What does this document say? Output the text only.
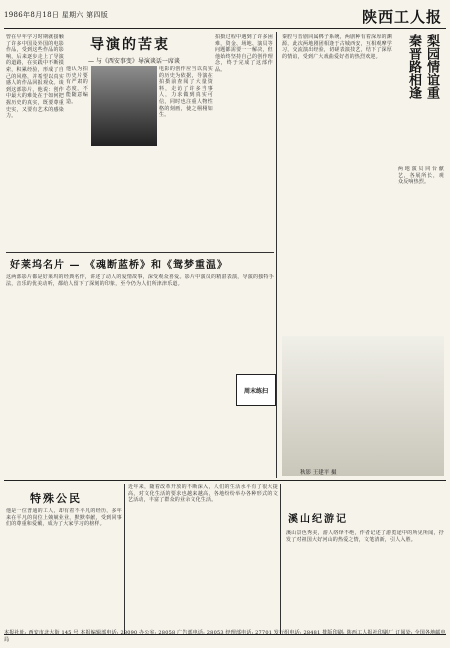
1986年8月18日 星期六 第四版	陕西工人报
导演的苦衷
— 与《西安事变》导演谈话一席谈
曾在早年学习时期就接触了许多中国及外国的电影作品，受到这些作品的影响，后来逐步走上了导演的道路，在实践中不断摸索，积累经验，形成了自己的风格，并希望以真实感人的作品回报观众。谈到这部影片，他说：创作中最大的难处在于如何把握历史的真实，既要尊重史实，又要有艺术的感染力。
他认为拍历史片要有严肃的态度，不能随意编造。
电影的创作应当以真实的历史为依据，导演在拍摄前查阅了大量资料，走访了许多当事人，力求做到真实可信，同时也注重人物性格的刻画，使之栩栩如生。
拍摄过程中遇到了许多困难，资金、场地、演员等问题都需要一一解决，但他始终坚持自己的创作理念，终于完成了这部作品。
好莱坞名片 — 《魂断蓝桥》和《鸳梦重温》
这两部影片都是好莱坞的经典名作，讲述了动人的爱情故事，深受观众喜爱。影片中演员的精湛表演，导演的独特手法，音乐的优美动听，都给人留下了深刻的印象，至今仍为人们所津津乐道。
周末练扫
秦腔与晋剧同属梆子系统，两剧种有着深厚的渊源，此次两地剧团相逢于古城西安，互相观摩学习，交流演出经验，切磋表演技艺，结下了深厚的情谊，受到广大戏曲爱好者的热烈欢迎。	秦晋路相逢 梨园情谊重
两地演员同台献艺，各展所长，观众反响热烈。
秋影 王建平 摄
特殊公民
他是一位普通的工人，却有着不平凡的经历，多年来在平凡的岗位上兢兢业业，默默奉献，受到同事们的尊重和爱戴，成为了大家学习的榜样。
近年来，随着改革开放的不断深入，人们的生活水平有了很大提高，对文化生活的要求也越来越高，各地纷纷举办各种形式的文艺活动，丰富了群众的业余文化生活。
溪山纪游记
溪山景色秀美，游人络绎不绝，作者记述了游览途中的所见所闻，抒发了对祖国大好河山的热爱之情，文笔清新，引人入胜。
本报社址: 西安市北大街 145 号 本报编辑部电话: 28090 办公室: 28058 广告部电话: 28053 经理部电话: 27701 发行组电话: 28481 排版印刷: 陕西工人报社印刷厂 订阅处: 全国各地邮电局
